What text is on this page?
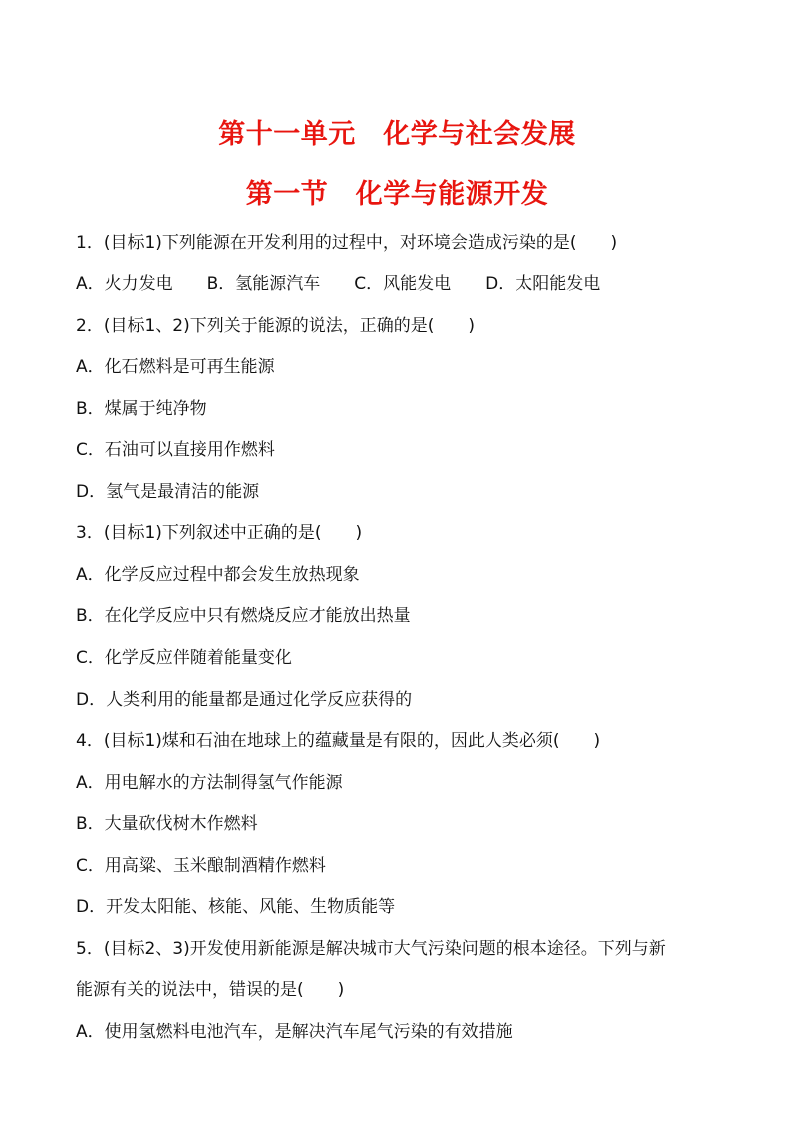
第十一单元　化学与社会发展
第一节　化学与能源开发
1．(目标1)下列能源在开发利用的过程中，对环境会造成污染的是(　　)
A．火力发电　　B．氢能源汽车　　C．风能发电　　D．太阳能发电
2．(目标1、2)下列关于能源的说法，正确的是(　　)
A．化石燃料是可再生能源
B．煤属于纯净物
C．石油可以直接用作燃料
D．氢气是最清洁的能源
3．(目标1)下列叙述中正确的是(　　)
A．化学反应过程中都会发生放热现象
B．在化学反应中只有燃烧反应才能放出热量
C．化学反应伴随着能量变化
D．人类利用的能量都是通过化学反应获得的
4．(目标1)煤和石油在地球上的蕴藏量是有限的，因此人类必须(　　)
A．用电解水的方法制得氢气作能源
B．大量砍伐树木作燃料
C．用高粱、玉米酿制酒精作燃料
D．开发太阳能、核能、风能、生物质能等
5．(目标2、3)开发使用新能源是解决城市大气污染问题的根本途径。下列与新
能源有关的说法中，错误的是(　　)
A．使用氢燃料电池汽车，是解决汽车尾气污染的有效措施
